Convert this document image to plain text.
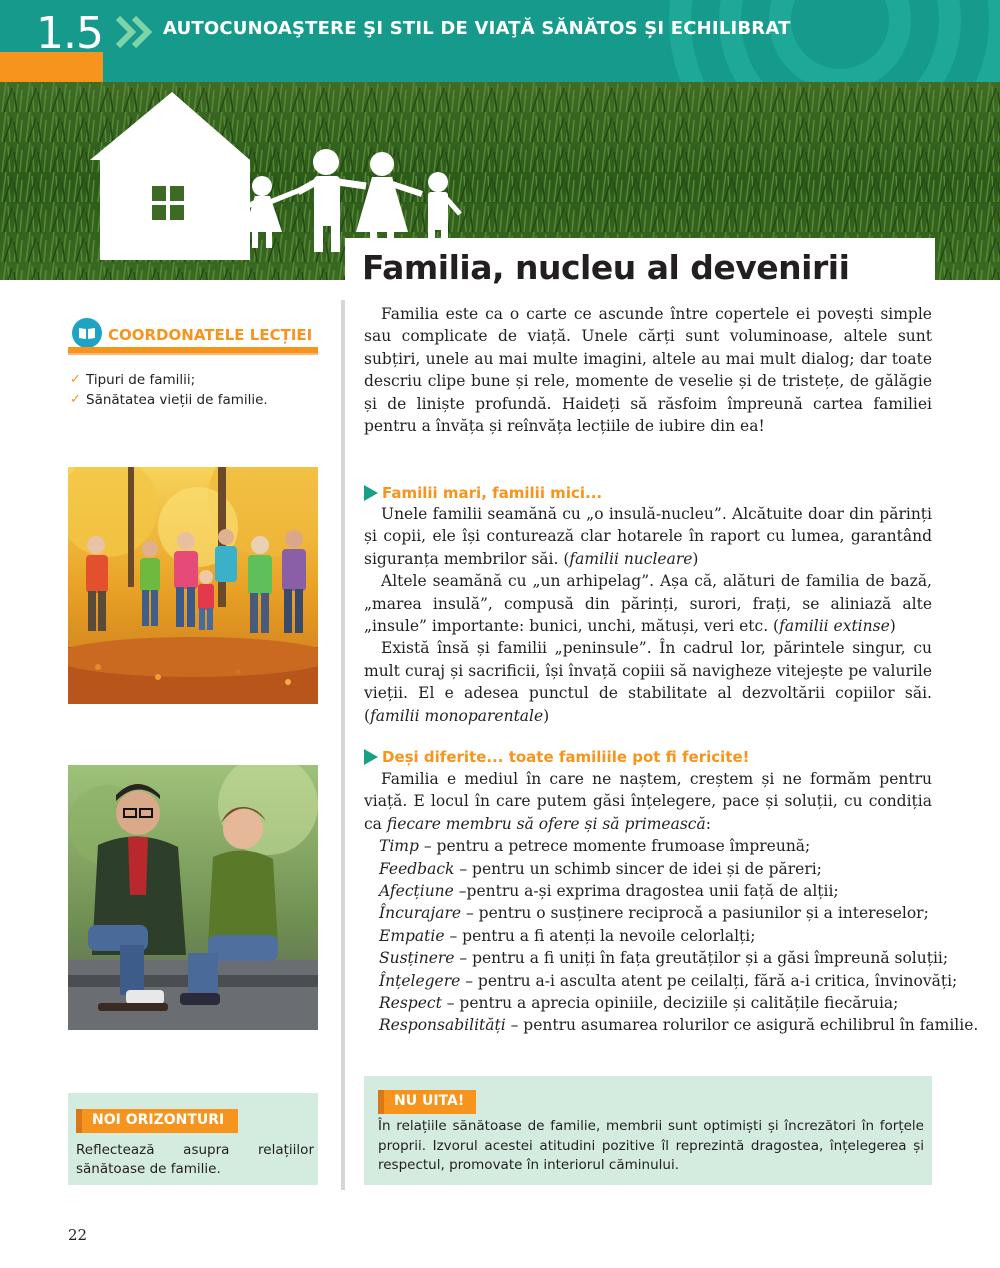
1.5	AUTOCUNOAŞTERE ŞI STIL DE VIAŢĂ SĂNĂTOS ȘI ECHILIBRAT
Familia, nucleu al devenirii
COORDONATELE LECȚIEI
✓ Tipuri de familii;
✓ Sănătatea vieții de familie.
NOI ORIZONTURI
Reflectează asupra relațiilor sănătoase de familie.

Familia este ca o carte ce ascunde între copertele ei povești simple sau complicate de viață. Unele cărți sunt voluminoase, altele sunt subțiri, unele au mai multe imagini, altele au mai mult dialog; dar toate descriu clipe bune și rele, momente de veselie și de tristețe, de gălăgie și de liniște profundă. Haideți să răsfoim împreună cartea familiei pentru a învăța și reînvăța lecțiile de iubire din ea!

Familii mari, familii mici...

Unele familii seamănă cu „o insulă-nucleu”. Alcătuite doar din părinți și copii, ele își conturează clar hotarele în raport cu lumea, garantând siguranța membrilor săi. (familii nucleare)

Altele seamănă cu „un arhipelag”. Așa că, alături de familia de bază, „marea insulă”, compusă din părinți, surori, frați, se aliniază alte „insule” importante: bunici, unchi, mătuși, veri etc. (familii extinse)

Există însă și familii „peninsule”. În cadrul lor, părintele singur, cu mult curaj și sacrificii, își învață copiii să navigheze vitejește pe valurile vieții. El e adesea punctul de stabilitate al dezvoltării copiilor săi. (familii monoparentale)

Deși diferite... toate familiile pot fi fericite!

Familia e mediul în care ne naștem, creștem și ne formăm pentru viață. E locul în care putem găsi înțelegere, pace și soluții, cu condiția ca fiecare membru să ofere și să primească:

Timp – pentru a petrece momente frumoase împreună;

Feedback – pentru un schimb sincer de idei și de păreri;

Afecțiune –pentru a-și exprima dragostea unii față de alții;

Încurajare – pentru o susținere reciprocă a pasiunilor și a intereselor;

Empatie – pentru a fi atenți la nevoile celorlalți;

Susținere – pentru a fi uniți în fața greutăților și a găsi împreună soluții;

Înțelegere – pentru a-i asculta atent pe ceilalți, fără a-i critica, învinovăți;

Respect – pentru a aprecia opiniile, deciziile și calitățile fiecăruia;

Responsabilități – pentru asumarea rolurilor ce asigură echilibrul în familie.

NU UITA!
În relațiile sănătoase de familie, membrii sunt optimiști și încrezători în forțele proprii. Izvorul acestei atitudini pozitive îl reprezintă dragostea, înțelegerea și respectul, promovate în interiorul căminului.
22
